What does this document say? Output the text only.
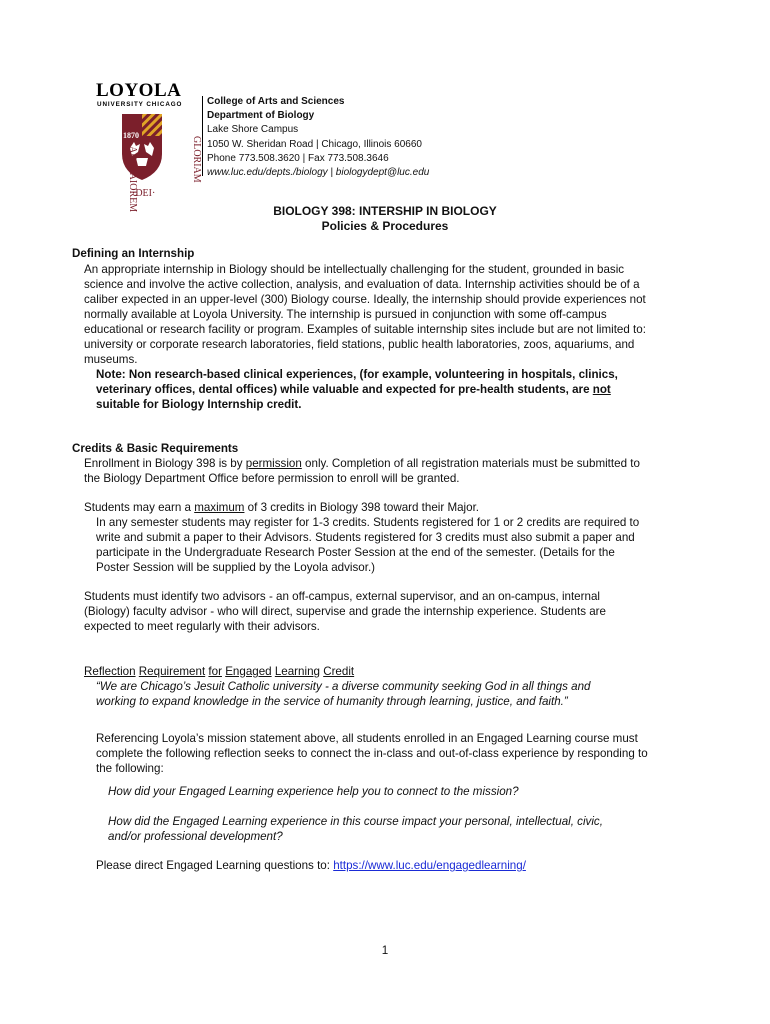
LOYOLA
UNIVERSITY CHICAGO
1870
AD·MAIOREM
·DEI·
GLORIAM
College of Arts and Sciences
Department of Biology
Lake Shore Campus
1050 W. Sheridan Road | Chicago, Illinois 60660
Phone 773.508.3620 | Fax 773.508.3646
www.luc.edu/depts./biology | biologydept@luc.edu
BIOLOGY 398: INTERSHIP IN BIOLOGY
Policies & Procedures
Defining an Internship
An appropriate internship in Biology should be intellectually challenging for the student, grounded in basic
science and involve the active collection, analysis, and evaluation of data. Internship activities should be of a
caliber expected in an upper-level (300) Biology course. Ideally, the internship should provide experiences not
normally available at Loyola University. The internship is pursued in conjunction with some off-campus
educational or research facility or program. Examples of suitable internship sites include but are not limited to:
university or corporate research laboratories, field stations, public health laboratories, zoos, aquariums, and
museums.
Note: Non research-based clinical experiences, (for example, volunteering in hospitals, clinics,
veterinary offices, dental offices) while valuable and expected for pre-health students, are not
suitable for Biology Internship credit.
Credits & Basic Requirements
Enrollment in Biology 398 is by permission only. Completion of all registration materials must be submitted to
the Biology Department Office before permission to enroll will be granted.
Students may earn a maximum of 3 credits in Biology 398 toward their Major.
In any semester students may register for 1-3 credits. Students registered for 1 or 2 credits are required to
write and submit a paper to their Advisors. Students registered for 3 credits must also submit a paper and
participate in the Undergraduate Research Poster Session at the end of the semester. (Details for the
Poster Session will be supplied by the Loyola advisor.)
Students must identify two advisors - an off-campus, external supervisor, and an on-campus, internal
(Biology) faculty advisor - who will direct, supervise and grade the internship experience. Students are
expected to meet regularly with their advisors.
Reflection Requirement for Engaged Learning Credit
“We are Chicago’s Jesuit Catholic university - a diverse community seeking God in all things and
working to expand knowledge in the service of humanity through learning, justice, and faith.”
Referencing Loyola’s mission statement above, all students enrolled in an Engaged Learning course must
complete the following reflection seeks to connect the in-class and out-of-class experience by responding to
the following:
How did your Engaged Learning experience help you to connect to the mission?
How did the Engaged Learning experience in this course impact your personal, intellectual, civic,
and/or professional development?
Please direct Engaged Learning questions to: https://www.luc.edu/engagedlearning/
1
